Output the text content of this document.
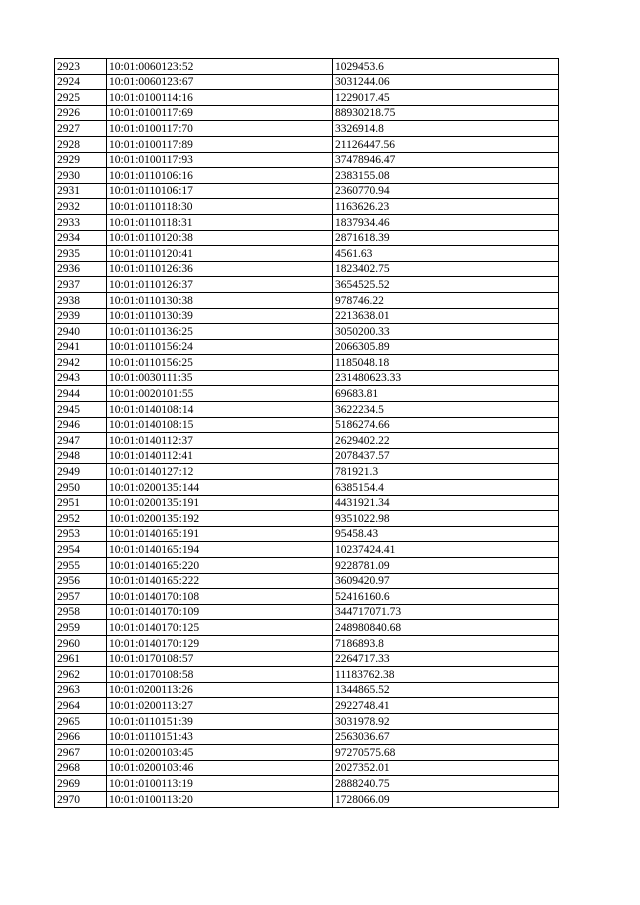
2923	10:01:0060123:52	1029453.6
2924	10:01:0060123:67	3031244.06
2925	10:01:0100114:16	1229017.45
2926	10:01:0100117:69	88930218.75
2927	10:01:0100117:70	3326914.8
2928	10:01:0100117:89	21126447.56
2929	10:01:0100117:93	37478946.47
2930	10:01:0110106:16	2383155.08
2931	10:01:0110106:17	2360770.94
2932	10:01:0110118:30	1163626.23
2933	10:01:0110118:31	1837934.46
2934	10:01:0110120:38	2871618.39
2935	10:01:0110120:41	4561.63
2936	10:01:0110126:36	1823402.75
2937	10:01:0110126:37	3654525.52
2938	10:01:0110130:38	978746.22
2939	10:01:0110130:39	2213638.01
2940	10:01:0110136:25	3050200.33
2941	10:01:0110156:24	2066305.89
2942	10:01:0110156:25	1185048.18
2943	10:01:0030111:35	231480623.33
2944	10:01:0020101:55	69683.81
2945	10:01:0140108:14	3622234.5
2946	10:01:0140108:15	5186274.66
2947	10:01:0140112:37	2629402.22
2948	10:01:0140112:41	2078437.57
2949	10:01:0140127:12	781921.3
2950	10:01:0200135:144	6385154.4
2951	10:01:0200135:191	4431921.34
2952	10:01:0200135:192	9351022.98
2953	10:01:0140165:191	95458.43
2954	10:01:0140165:194	10237424.41
2955	10:01:0140165:220	9228781.09
2956	10:01:0140165:222	3609420.97
2957	10:01:0140170:108	52416160.6
2958	10:01:0140170:109	344717071.73
2959	10:01:0140170:125	248980840.68
2960	10:01:0140170:129	7186893.8
2961	10:01:0170108:57	2264717.33
2962	10:01:0170108:58	11183762.38
2963	10:01:0200113:26	1344865.52
2964	10:01:0200113:27	2922748.41
2965	10:01:0110151:39	3031978.92
2966	10:01:0110151:43	2563036.67
2967	10:01:0200103:45	97270575.68
2968	10:01:0200103:46	2027352.01
2969	10:01:0100113:19	2888240.75
2970	10:01:0100113:20	1728066.09
